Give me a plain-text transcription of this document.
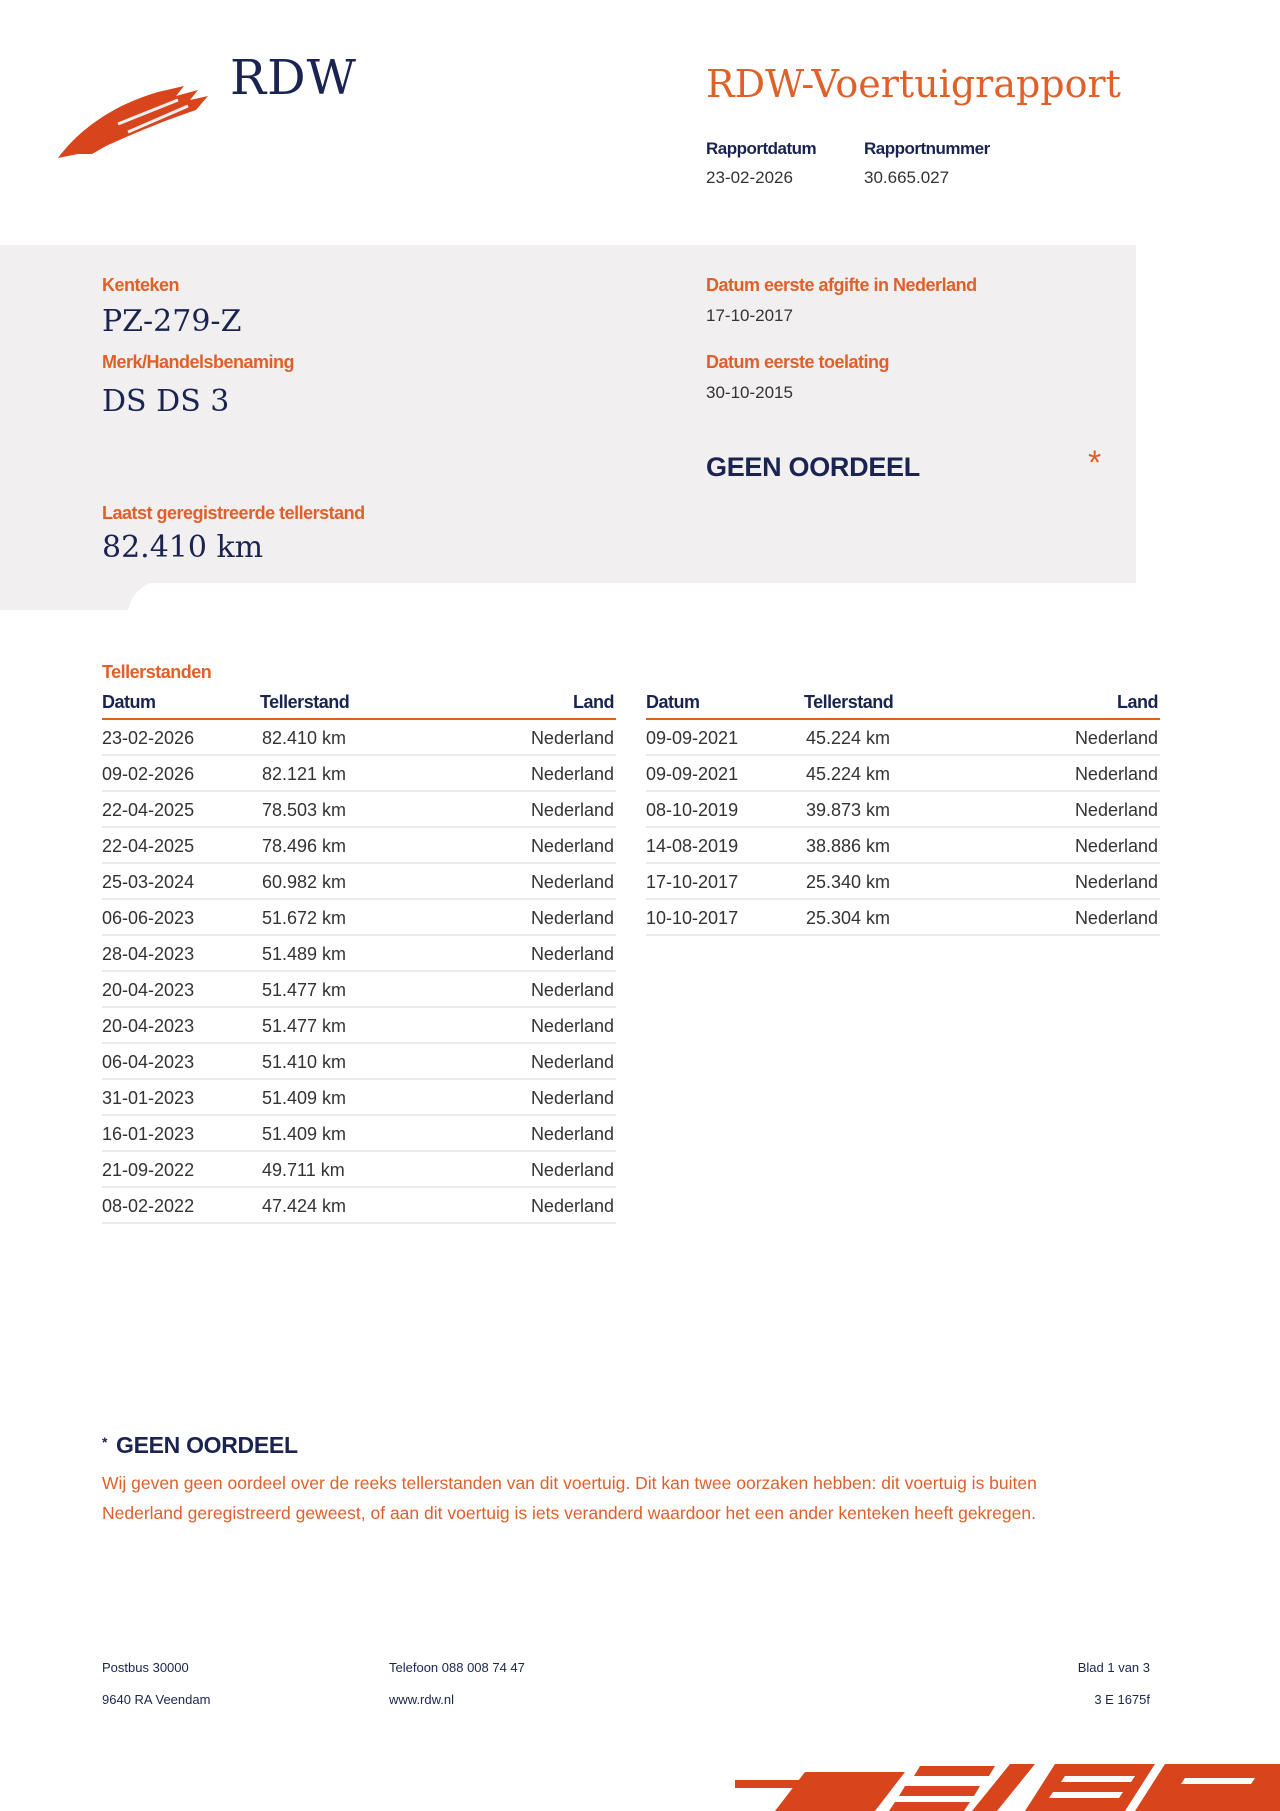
RDW	RDW-Voertuigrapport
Rapportdatum
23-02-2026
Rapportnummer
30.665.027
Kenteken
PZ-279-Z
Merk/Handelsbenaming
DS DS 3
Datum eerste afgifte in Nederland
17-10-2017
Datum eerste toelating
30-10-2015
GEEN OORDEEL	*
Laatst geregistreerde tellerstand
82.410 km
Tellerstanden
Datum	Tellerstand	Land
23-02-2026	82.410 km	Nederland
09-02-2026	82.121 km	Nederland
22-04-2025	78.503 km	Nederland
22-04-2025	78.496 km	Nederland
25-03-2024	60.982 km	Nederland
06-06-2023	51.672 km	Nederland
28-04-2023	51.489 km	Nederland
20-04-2023	51.477 km	Nederland
20-04-2023	51.477 km	Nederland
06-04-2023	51.410 km	Nederland
31-01-2023	51.409 km	Nederland
16-01-2023	51.409 km	Nederland
21-09-2022	49.711 km	Nederland
08-02-2022	47.424 km	Nederland
Datum	Tellerstand	Land
09-09-2021	45.224 km	Nederland
09-09-2021	45.224 km	Nederland
08-10-2019	39.873 km	Nederland
14-08-2019	38.886 km	Nederland
17-10-2017	25.340 km	Nederland
10-10-2017	25.304 km	Nederland
* GEEN OORDEEL
Wij geven geen oordeel over de reeks tellerstanden van dit voertuig. Dit kan twee oorzaken hebben: dit voertuig is buiten Nederland geregistreerd geweest, of aan dit voertuig is iets veranderd waardoor het een ander kenteken heeft gekregen.
Postbus 30000
9640 RA Veendam
Telefoon 088 008 74 47
www.rdw.nl
Blad 1 van 3
3 E 1675f
